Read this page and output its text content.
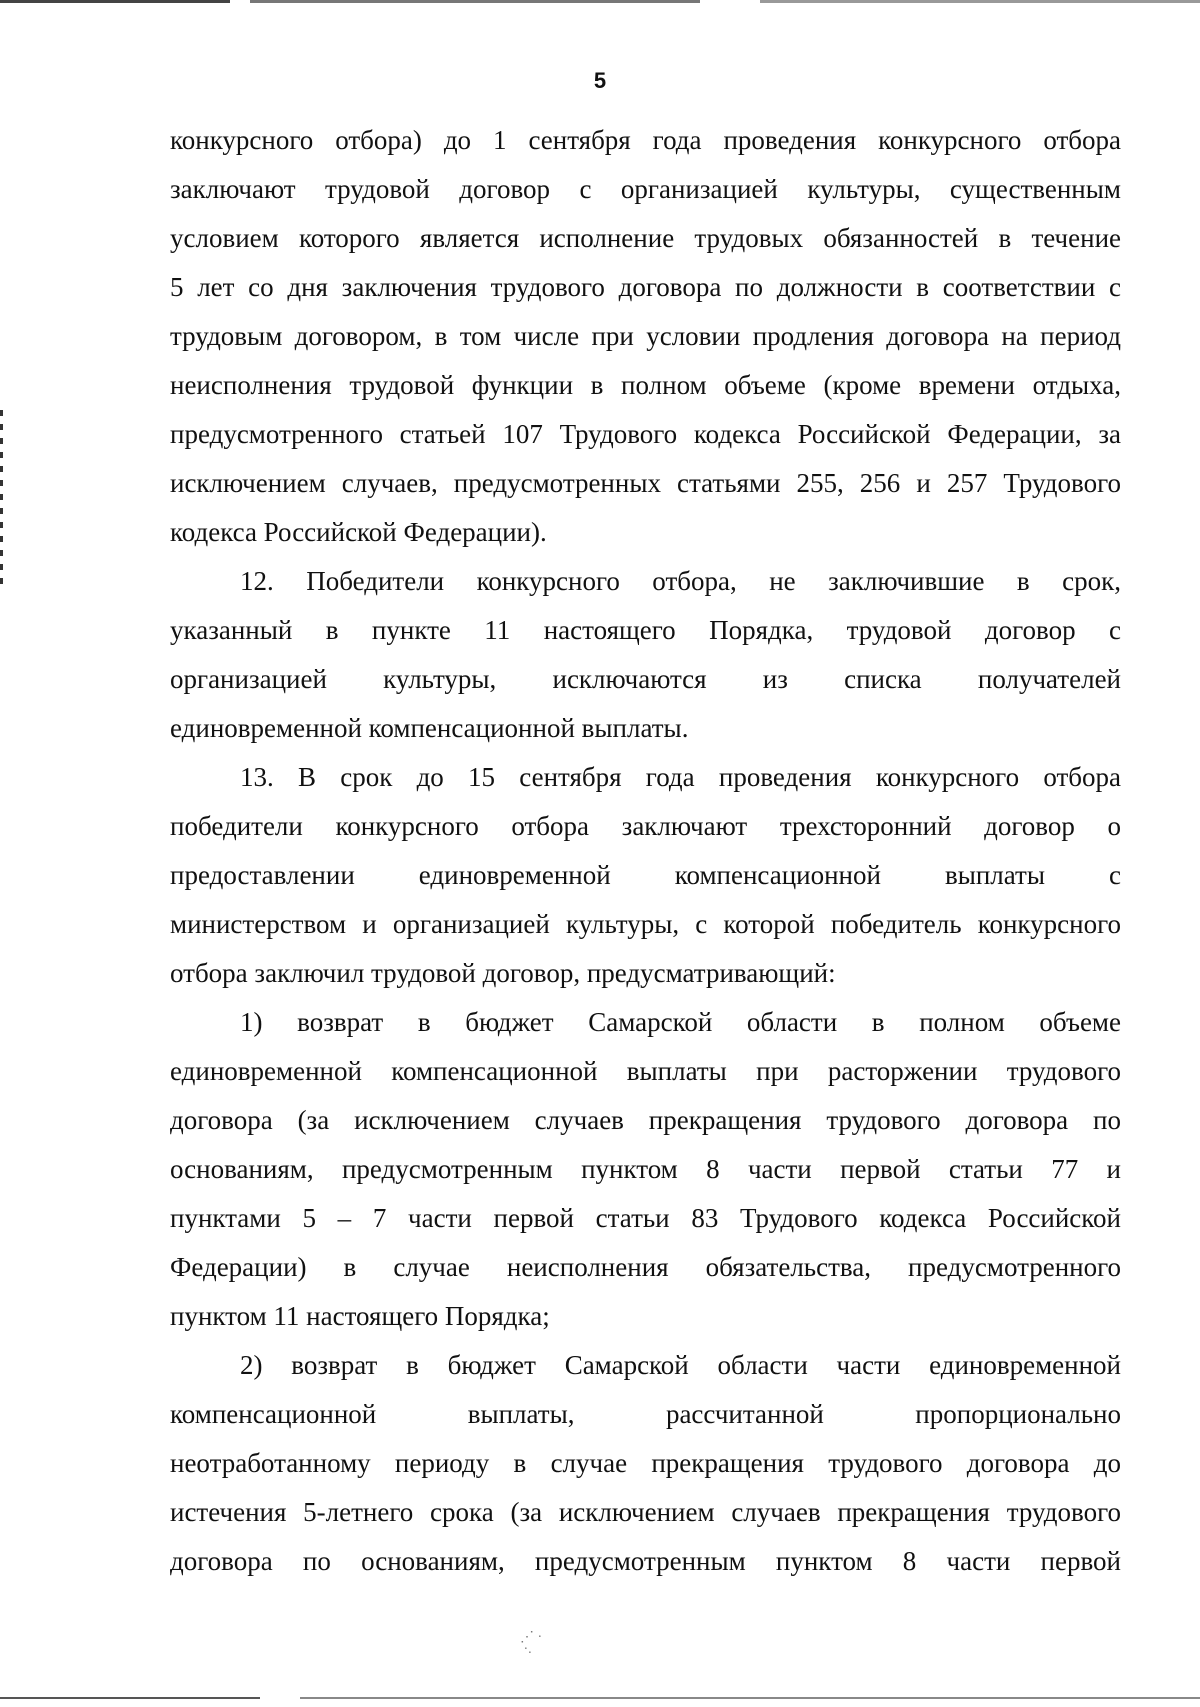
5
конкурсного отбора) до 1 сентября года проведения конкурсного отбора
заключают трудовой договор с организацией культуры, существенным
условием которого является исполнение трудовых обязанностей в течение
5 лет со дня заключения трудового договора по должности в соответствии с
трудовым договором, в том числе при условии продления договора на период
неисполнения трудовой функции в полном объеме (кроме времени отдыха,
предусмотренного статьей 107 Трудового кодекса Российской Федерации, за
исключением случаев, предусмотренных статьями 255, 256 и 257 Трудового
кодекса Российской Федерации).
12. Победители конкурсного отбора, не заключившие в срок,
указанный в пункте 11 настоящего Порядка, трудовой договор с
организацией культуры, исключаются из списка получателей
единовременной компенсационной выплаты.
13. В срок до 15 сентября года проведения конкурсного отбора
победители конкурсного отбора заключают трехсторонний договор о
предоставлении единовременной компенсационной выплаты с
министерством и организацией культуры, с которой победитель конкурсного
отбора заключил трудовой договор, предусматривающий:
1) возврат в бюджет Самарской области в полном объеме
единовременной компенсационной выплаты при расторжении трудового
договора (за исключением случаев прекращения трудового договора по
основаниям, предусмотренным пунктом 8 части первой статьи 77 и
пунктами 5 – 7 части первой статьи 83 Трудового кодекса Российской
Федерации) в случае неисполнения обязательства, предусмотренного
пунктом 11 настоящего Порядка;
2) возврат в бюджет Самарской области части единовременной
компенсационной выплаты, рассчитанной пропорционально
неотработанному периоду в случае прекращения трудового договора до
истечения 5-летнего срока (за исключением случаев прекращения трудового
договора по основаниям, предусмотренным пунктом 8 части первой
⋰ ·
·.
